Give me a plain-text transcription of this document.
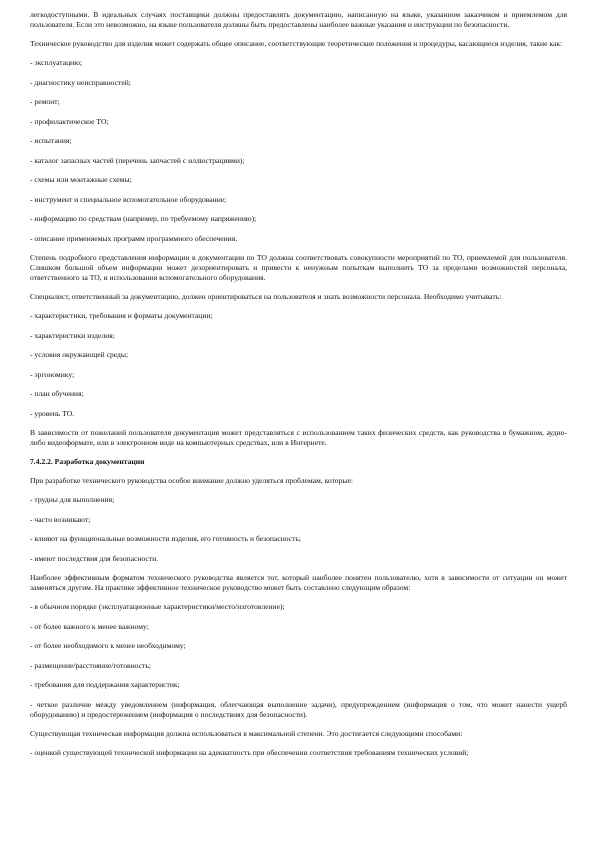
легкодоступными. В идеальных случаях поставщики должны предоставлять документацию, написанную на языке, указанном заказчиком и приемлемом для пользователя. Если это невозможно, на языке пользователя должны быть предоставлены наиболее важные указания и инструкции по безопасности.

Техническое руководство для изделия может содержать общее описание, соответствующие теоретические положения и процедуры, касающиеся изделия, такие как:

- эксплуатацию;

- диагностику неисправностей;

- ремонт;

- профилактическое ТО;

- испытания;

- каталог запасных частей (перечень запчастей с иллюстрациями);

- схемы или монтажные схемы;

- инструмент и специальное вспомогательное оборудование;

- информацию по средствам (например, по требуемому напряжению);

- описание применяемых программ программного обеспечения.

Степень подробного представления информации в документации по ТО должна соответствовать совокупности мероприятий по ТО, приемлемой для пользователя. Слишком большой объем информации может дезориентировать и привести к ненужным попыткам выполнить ТО за пределами возможностей персонала, ответственного за ТО, и использования вспомогательного оборудования.

Специалист, ответственный за документацию, должен ориентироваться на пользователя и знать возможности персонала. Необходимо учитывать:

- характеристики, требования и форматы документации;

- характеристики изделия;

- условия окружающей среды;

- эргономику;

- план обучения;

- уровень ТО.

В зависимости от пожеланий пользователя документация может представляться с использованием таких физических средств, как руководства в бумажном, аудио- либо видеоформате, или в электронном виде на компьютерных средствах, или в Интернете.

7.4.2.2. Разработка документации

При разработке технического руководства особое внимание должно уделяться проблемам, которые:

- трудны для выполнения;

- часто возникают;

- влияют на функциональные возможности изделия, его готовность и безопасность;

- имеют последствия для безопасности.

Наиболее эффективным форматом технического руководства является тот, который наиболее понятен пользователю, хотя в зависимости от ситуации он может заменяться другим. На практике эффективное техническое руководство может быть составлено следующим образом:

- в обычном порядке (эксплуатационные характеристики/место/изготовление);

- от более важного к менее важному;

- от более необходимого к менее необходимому;

- размещение/расстояние/готовность;

- требования для поддержания характеристик;

- четкое различие между уведомлением (информация, облегчающая выполнение задачи), предупреждением (информация о том, что может нанести ущерб оборудованию) и предостережением (информация о последствиях для безопасности).

Существующая техническая информация должна использоваться в максимальной степени. Это достигается следующими способами:

- оценкой существующей технической информации на адекватность при обеспечении соответствия требованиям технических условий;
